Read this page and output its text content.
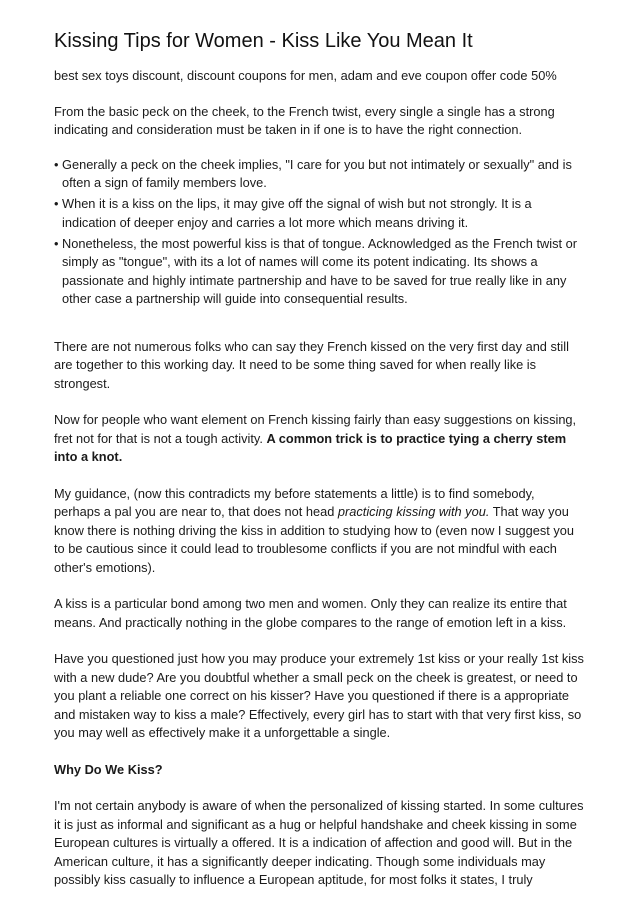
Kissing Tips for Women - Kiss Like You Mean It

best sex toys discount, discount coupons for men, adam and eve coupon offer code 50%

From the basic peck on the cheek, to the French twist, every single a single has a strong indicating and consideration must be taken in if one is to have the right connection.

• Generally a peck on the cheek implies, "I care for you but not intimately or sexually" and is often a sign of family members love.
• When it is a kiss on the lips, it may give off the signal of wish but not strongly. It is a indication of deeper enjoy and carries a lot more which means driving it.
• Nonetheless, the most powerful kiss is that of tongue. Acknowledged as the French twist or simply as "tongue", with its a lot of names will come its potent indicating. Its shows a passionate and highly intimate partnership and have to be saved for true really like in any other case a partnership will guide into consequential results.

There are not numerous folks who can say they French kissed on the very first day and still are together to this working day. It need to be some thing saved for when really like is strongest.

Now for people who want element on French kissing fairly than easy suggestions on kissing, fret not for that is not a tough activity. A common trick is to practice tying a cherry stem into a knot.

My guidance, (now this contradicts my before statements a little) is to find somebody, perhaps a pal you are near to, that does not head practicing kissing with you. That way you know there is nothing driving the kiss in addition to studying how to (even now I suggest you to be cautious since it could lead to troublesome conflicts if you are not mindful with each other's emotions).

A kiss is a particular bond among two men and women. Only they can realize its entire that means. And practically nothing in the globe compares to the range of emotion left in a kiss.

Have you questioned just how you may produce your extremely 1st kiss or your really 1st kiss with a new dude? Are you doubtful whether a small peck on the cheek is greatest, or need to you plant a reliable one correct on his kisser? Have you questioned if there is a appropriate and mistaken way to kiss a male? Effectively, every girl has to start with that very first kiss, so you may well as effectively make it a unforgettable a single.

Why Do We Kiss?

I'm not certain anybody is aware of when the personalized of kissing started. In some cultures it is just as informal and significant as a hug or helpful handshake and cheek kissing in some European cultures is virtually a offered. It is a indication of affection and good will. But in the American culture, it has a significantly deeper indicating. Though some individuals may possibly kiss casually to influence a European aptitude, for most folks it states, I truly
